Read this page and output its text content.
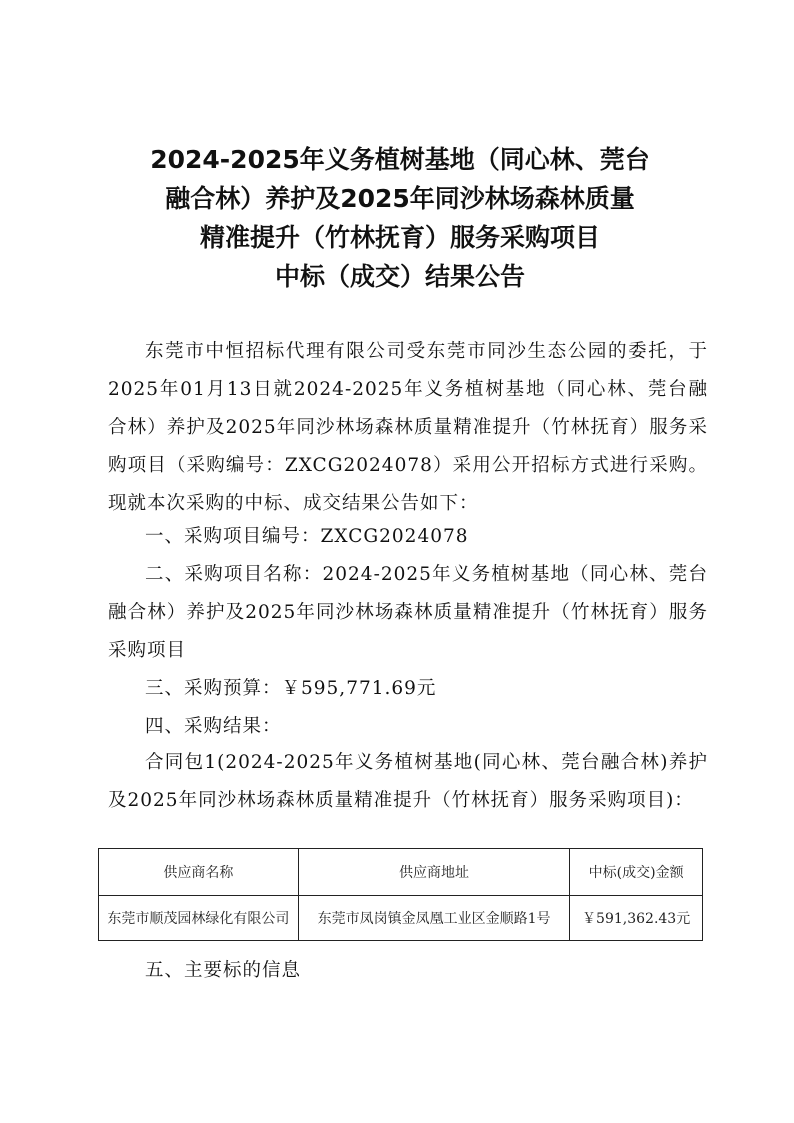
2024-2025年义务植树基地（同心林、莞台
融合林）养护及2025年同沙林场森林质量
精准提升（竹林抚育）服务采购项目
中标（成交）结果公告
东莞市中恒招标代理有限公司受东莞市同沙生态公园的委托，于2025年01月13日就2024-2025年义务植树基地（同心林、莞台融合林）养护及2025年同沙林场森林质量精准提升（竹林抚育）服务采购项目（采购编号：ZXCG2024078）采用公开招标方式进行采购。现就本次采购的中标、成交结果公告如下：
一、采购项目编号：ZXCG2024078
二、采购项目名称：2024-2025年义务植树基地（同心林、莞台融合林）养护及2025年同沙林场森林质量精准提升（竹林抚育）服务采购项目
三、采购预算：￥595,771.69元
四、采购结果：
合同包1(2024-2025年义务植树基地(同心林、莞台融合林)养护及2025年同沙林场森林质量精准提升（竹林抚育）服务采购项目)：
供应商名称	供应商地址	中标(成交)金额
东莞市顺茂园林绿化有限公司	东莞市凤岗镇金凤凰工业区金顺路1号	￥591,362.43元
五、主要标的信息
